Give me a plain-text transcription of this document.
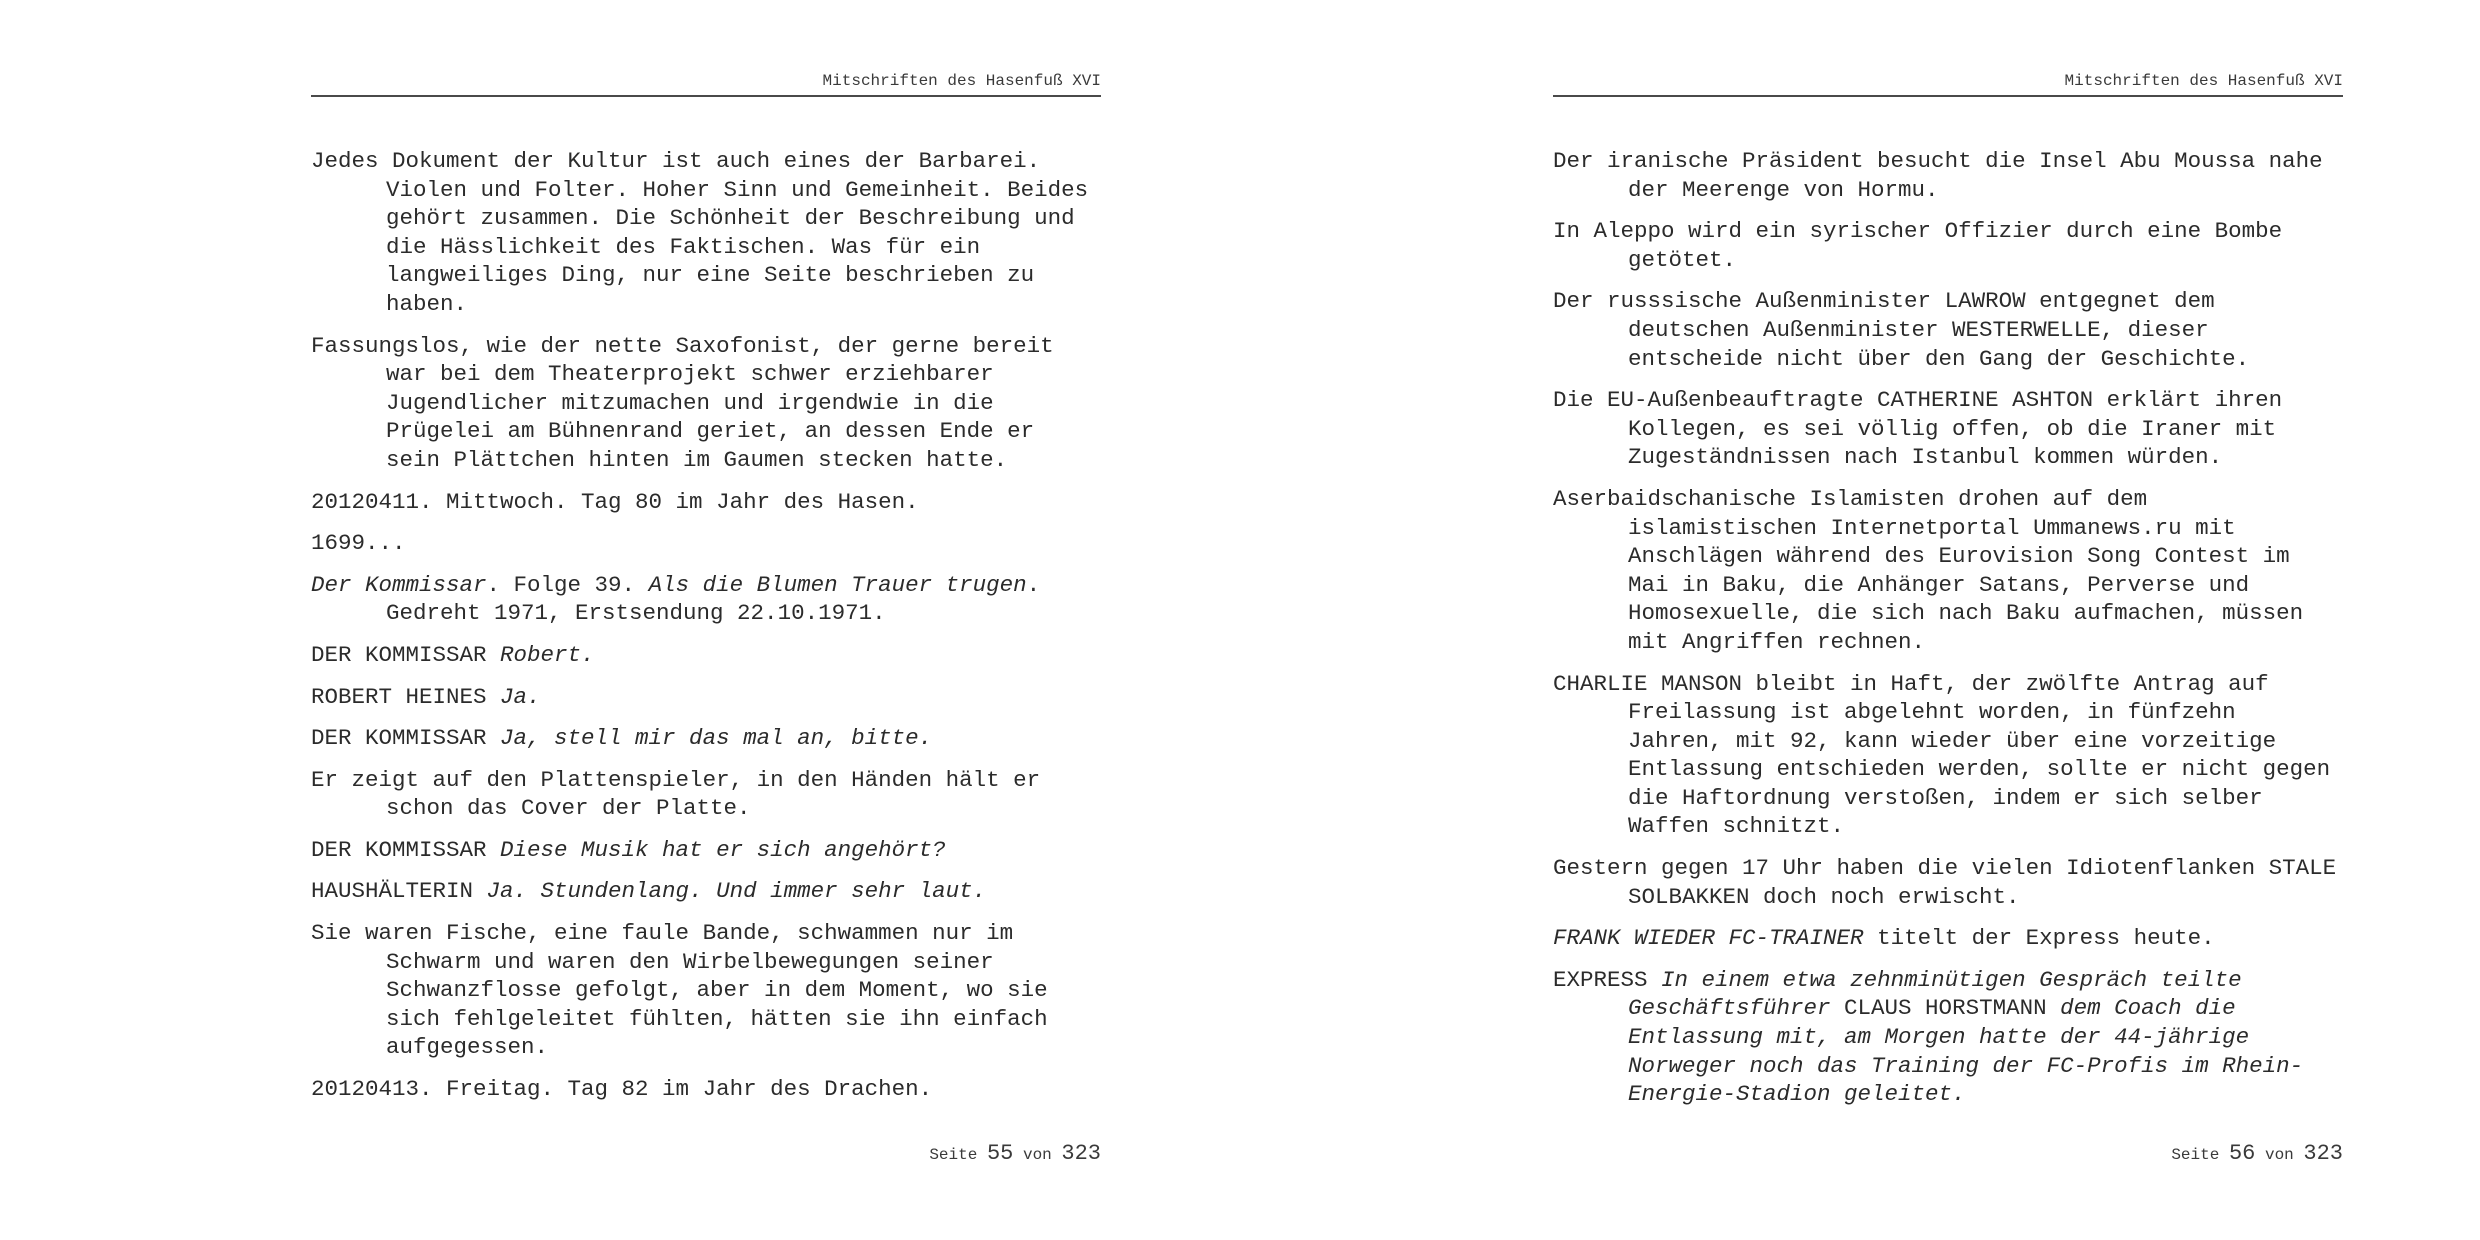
Mitschriften des Hasenfuß XVI

Jedes Dokument der Kultur ist auch eines der Barbarei. Violen und Folter. Hoher Sinn und Gemeinheit. Beides gehört zusammen. Die Schönheit der Beschreibung und die Hässlichkeit des Faktischen. Was für ein langweiliges Ding, nur eine Seite beschrieben zu haben.

Fassungslos, wie der nette Saxofonist, der gerne bereit war bei dem Theaterprojekt schwer erziehbarer Jugendlicher mitzumachen und irgendwie in die Prügelei am Bühnenrand geriet, an dessen Ende er sein Plättchen hinten im Gaumen stecken hatte.

20120411. Mittwoch. Tag 80 im Jahr des Hasen.

1699...

Der Kommissar. Folge 39. Als die Blumen Trauer trugen. Gedreht 1971, Erstsendung 22.10.1971.

DER KOMMISSAR Robert.

ROBERT HEINES Ja.

DER KOMMISSAR Ja, stell mir das mal an, bitte.

Er zeigt auf den Plattenspieler, in den Händen hält er schon das Cover der Platte.

DER KOMMISSAR Diese Musik hat er sich angehört?

HAUSHÄLTERIN Ja. Stundenlang. Und immer sehr laut.

Sie waren Fische, eine faule Bande, schwammen nur im Schwarm und waren den Wirbelbewegungen seiner Schwanzflosse gefolgt, aber in dem Moment, wo sie sich fehlgeleitet fühlten, hätten sie ihn einfach aufgegessen.

20120413. Freitag. Tag 82 im Jahr des Drachen.

Seite 55 von 323
Mitschriften des Hasenfuß XVI

Der iranische Präsident besucht die Insel Abu Moussa nahe der Meerenge von Hormu.

In Aleppo wird ein syrischer Offizier durch eine Bombe getötet.

Der russsische Außenminister LAWROW entgegnet dem deutschen Außenminister WESTERWELLE, dieser entscheide nicht über den Gang der Geschichte.

Die EU-Außenbeauftragte CATHERINE ASHTON erklärt ihren Kollegen, es sei völlig offen, ob die Iraner mit Zugeständnissen nach Istanbul kommen würden.

Aserbaidschanische Islamisten drohen auf dem islamistischen Internetportal Ummanews.ru mit Anschlägen während des Eurovision Song Contest im Mai in Baku, die Anhänger Satans, Perverse und Homosexuelle, die sich nach Baku aufmachen, müssen mit Angriffen rechnen.

CHARLIE MANSON bleibt in Haft, der zwölfte Antrag auf Freilassung ist abgelehnt worden, in fünfzehn Jahren, mit 92, kann wieder über eine vorzeitige Entlassung entschieden werden, sollte er nicht gegen die Haftordnung verstoßen, indem er sich selber Waffen schnitzt.

Gestern gegen 17 Uhr haben die vielen Idiotenflanken STALE SOLBAKKEN doch noch erwischt.

FRANK WIEDER FC-TRAINER titelt der Express heute.

EXPRESS In einem etwa zehnminütigen Gespräch teilte Geschäftsführer CLAUS HORSTMANN dem Coach die Entlassung mit, am Morgen hatte der 44-jährige Norweger noch das Training der FC-Profis im Rhein-Energie-Stadion geleitet.

Seite 56 von 323
